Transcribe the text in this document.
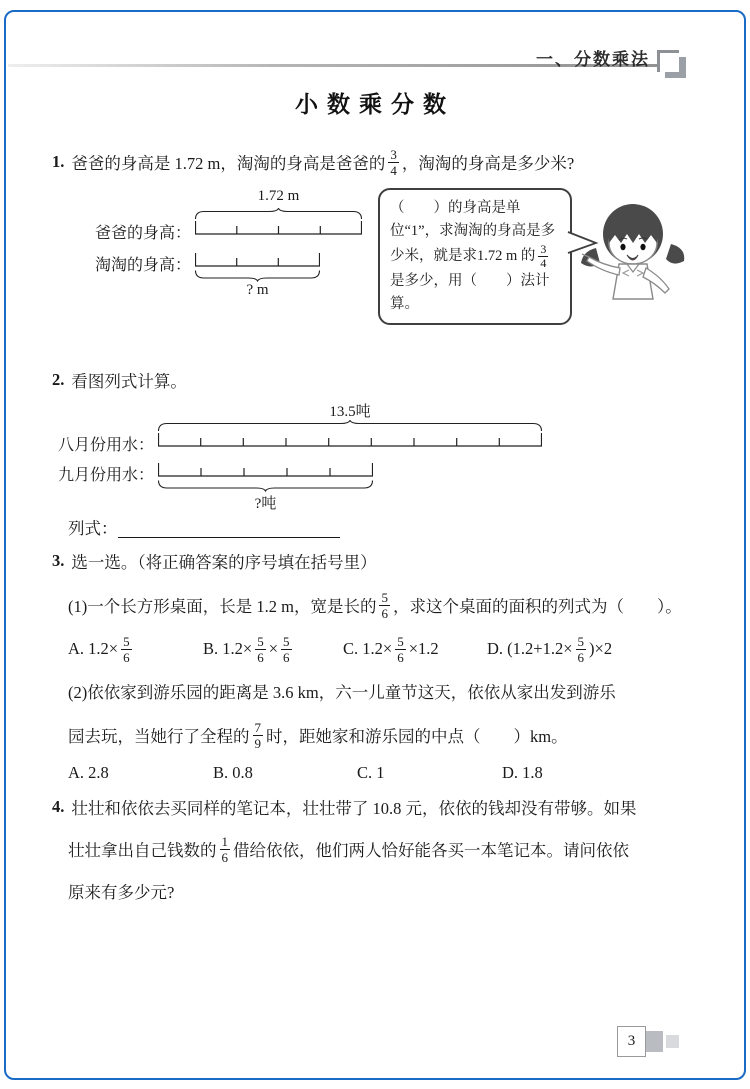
一、分数乘法
小数乘分数
1. 爸爸的身高是 1.72 m，淘淘的身高是爸爸的 $\frac{3}{4}$ ，淘淘的身高是多少米?
1.72 m
爸爸的身高：
淘淘的身高：
? m
（　　）的身高是单位“1”，求淘淘的身高是多少米，就是求1.72 m 的 $\frac{3}{4}$
是多少，用（　　）法计算。
2. 看图列式计算。
13.5吨
八月份用水：
九月份用水：
?吨
列式：
3. 选一选。（将正确答案的序号填在括号里）
(1)一个长方形桌面，长是 1.2 m，宽是长的 $\frac{5}{6}$ ，求这个桌面的面积的列式为（　　）。
A. $1.2\times \frac{5}{6}$	B. $1.2\times \frac{5}{6} \times \frac{5}{6}$	C. $1.2\times \frac{5}{6} \times 1.2$	D. $(1.2+1.2\times \frac{5}{6} )\times 2$
(2)依依家到游乐园的距离是 3.6 km，六一儿童节这天，依依从家出发到游乐
园去玩，当她行了全程的 $\frac{7}{9}$ 时，距她家和游乐园的中点（　　）km。
A. 2.8	B. 0.8	C. 1	D. 1.8
4. 壮壮和依依去买同样的笔记本，壮壮带了 10.8 元，依依的钱却没有带够。如果
壮壮拿出自己钱数的 $\frac{1}{6}$ 借给依依，他们两人恰好能各买一本笔记本。请问依依
原来有多少元?
3
